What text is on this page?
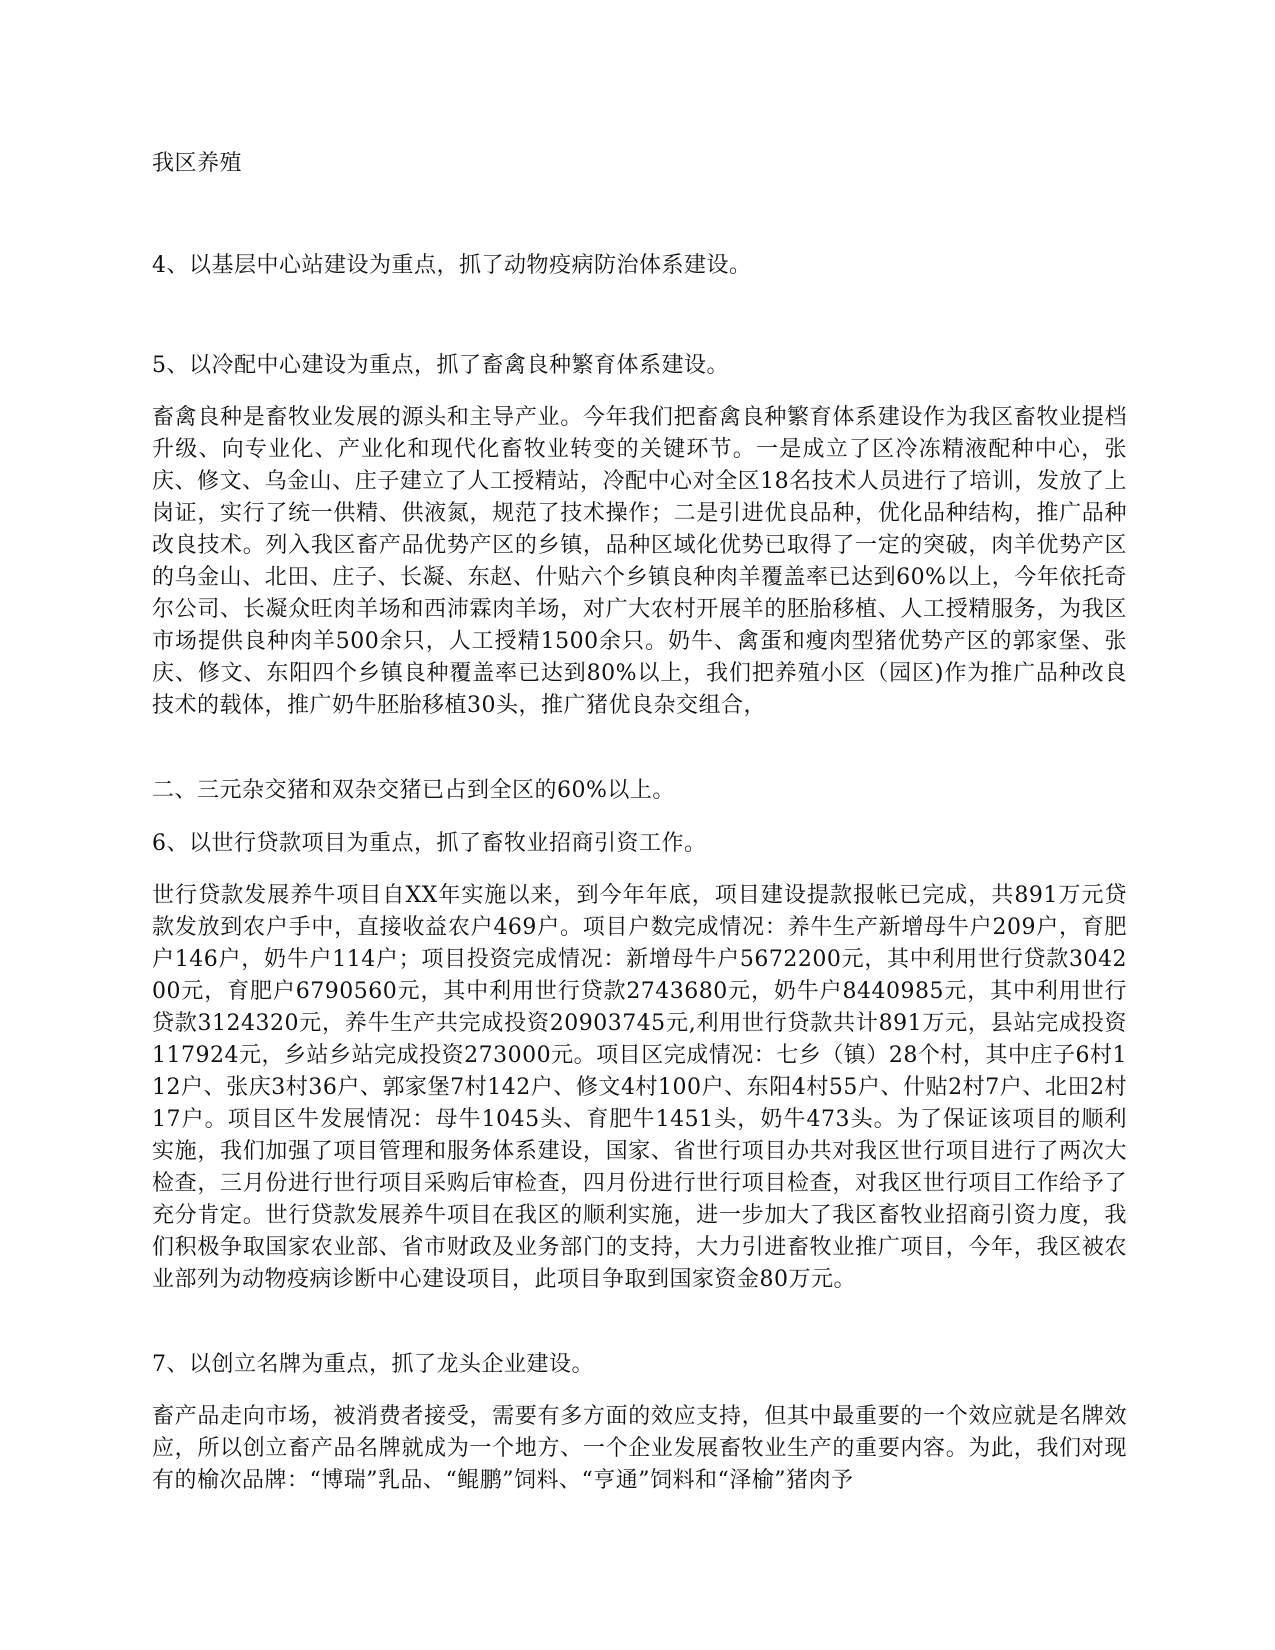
我区养殖

4、以基层中心站建设为重点，抓了动物疫病防治体系建设。

5、以冷配中心建设为重点，抓了畜禽良种繁育体系建设。

畜禽良种是畜牧业发展的源头和主导产业。今年我们把畜禽良种繁育体系建设作为我区畜牧业提档升级、向专业化、产业化和现代化畜牧业转变的关键环节。一是成立了区冷冻精液配种中心，张庆、修文、乌金山、庄子建立了人工授精站，冷配中心对全区18名技术人员进行了培训，发放了上岗证，实行了统一供精、供液氮，规范了技术操作；二是引进优良品种，优化品种结构，推广品种改良技术。列入我区畜产品优势产区的乡镇，品种区域化优势已取得了一定的突破，肉羊优势产区的乌金山、北田、庄子、长凝、东赵、什贴六个乡镇良种肉羊覆盖率已达到60%以上，今年依托奇尔公司、长凝众旺肉羊场和西沛霖肉羊场，对广大农村开展羊的胚胎移植、人工授精服务，为我区市场提供良种肉羊500余只，人工授精1500余只。奶牛、禽蛋和瘦肉型猪优势产区的郭家堡、张庆、修文、东阳四个乡镇良种覆盖率已达到80%以上，我们把养殖小区（园区)作为推广品种改良技术的载体，推广奶牛胚胎移植30头，推广猪优良杂交组合，

二、三元杂交猪和双杂交猪已占到全区的60%以上。

6、以世行贷款项目为重点，抓了畜牧业招商引资工作。

世行贷款发展养牛项目自XX年实施以来，到今年年底，项目建设提款报帐已完成，共891万元贷款发放到农户手中，直接收益农户469户。项目户数完成情况：养牛生产新增母牛户209户，育肥户146户，奶牛户114户；项目投资完成情况：新增母牛户5672200元，其中利用世行贷款304200元，育肥户6790560元，其中利用世行贷款2743680元，奶牛户8440985元，其中利用世行贷款3124320元，养牛生产共完成投资20903745元,利用世行贷款共计891万元，县站完成投资117924元，乡站乡站完成投资273000元。项目区完成情况：七乡（镇）28个村，其中庄子6村112户、张庆3村36户、郭家堡7村142户、修文4村100户、东阳4村55户、什贴2村7户、北田2村17户。项目区牛发展情况：母牛1045头、育肥牛1451头，奶牛473头。为了保证该项目的顺利实施，我们加强了项目管理和服务体系建设，国家、省世行项目办共对我区世行项目进行了两次大检查，三月份进行世行项目采购后审检查，四月份进行世行项目检查，对我区世行项目工作给予了充分肯定。世行贷款发展养牛项目在我区的顺利实施，进一步加大了我区畜牧业招商引资力度，我们积极争取国家农业部、省市财政及业务部门的支持，大力引进畜牧业推广项目，今年，我区被农业部列为动物疫病诊断中心建设项目，此项目争取到国家资金80万元。

7、以创立名牌为重点，抓了龙头企业建设。

畜产品走向市场，被消费者接受，需要有多方面的效应支持，但其中最重要的一个效应就是名牌效应，所以创立畜产品名牌就成为一个地方、一个企业发展畜牧业生产的重要内容。为此，我们对现有的榆次品牌：“博瑞”乳品、“鲲鹏”饲料、“亨通”饲料和“泽榆”猪肉予
